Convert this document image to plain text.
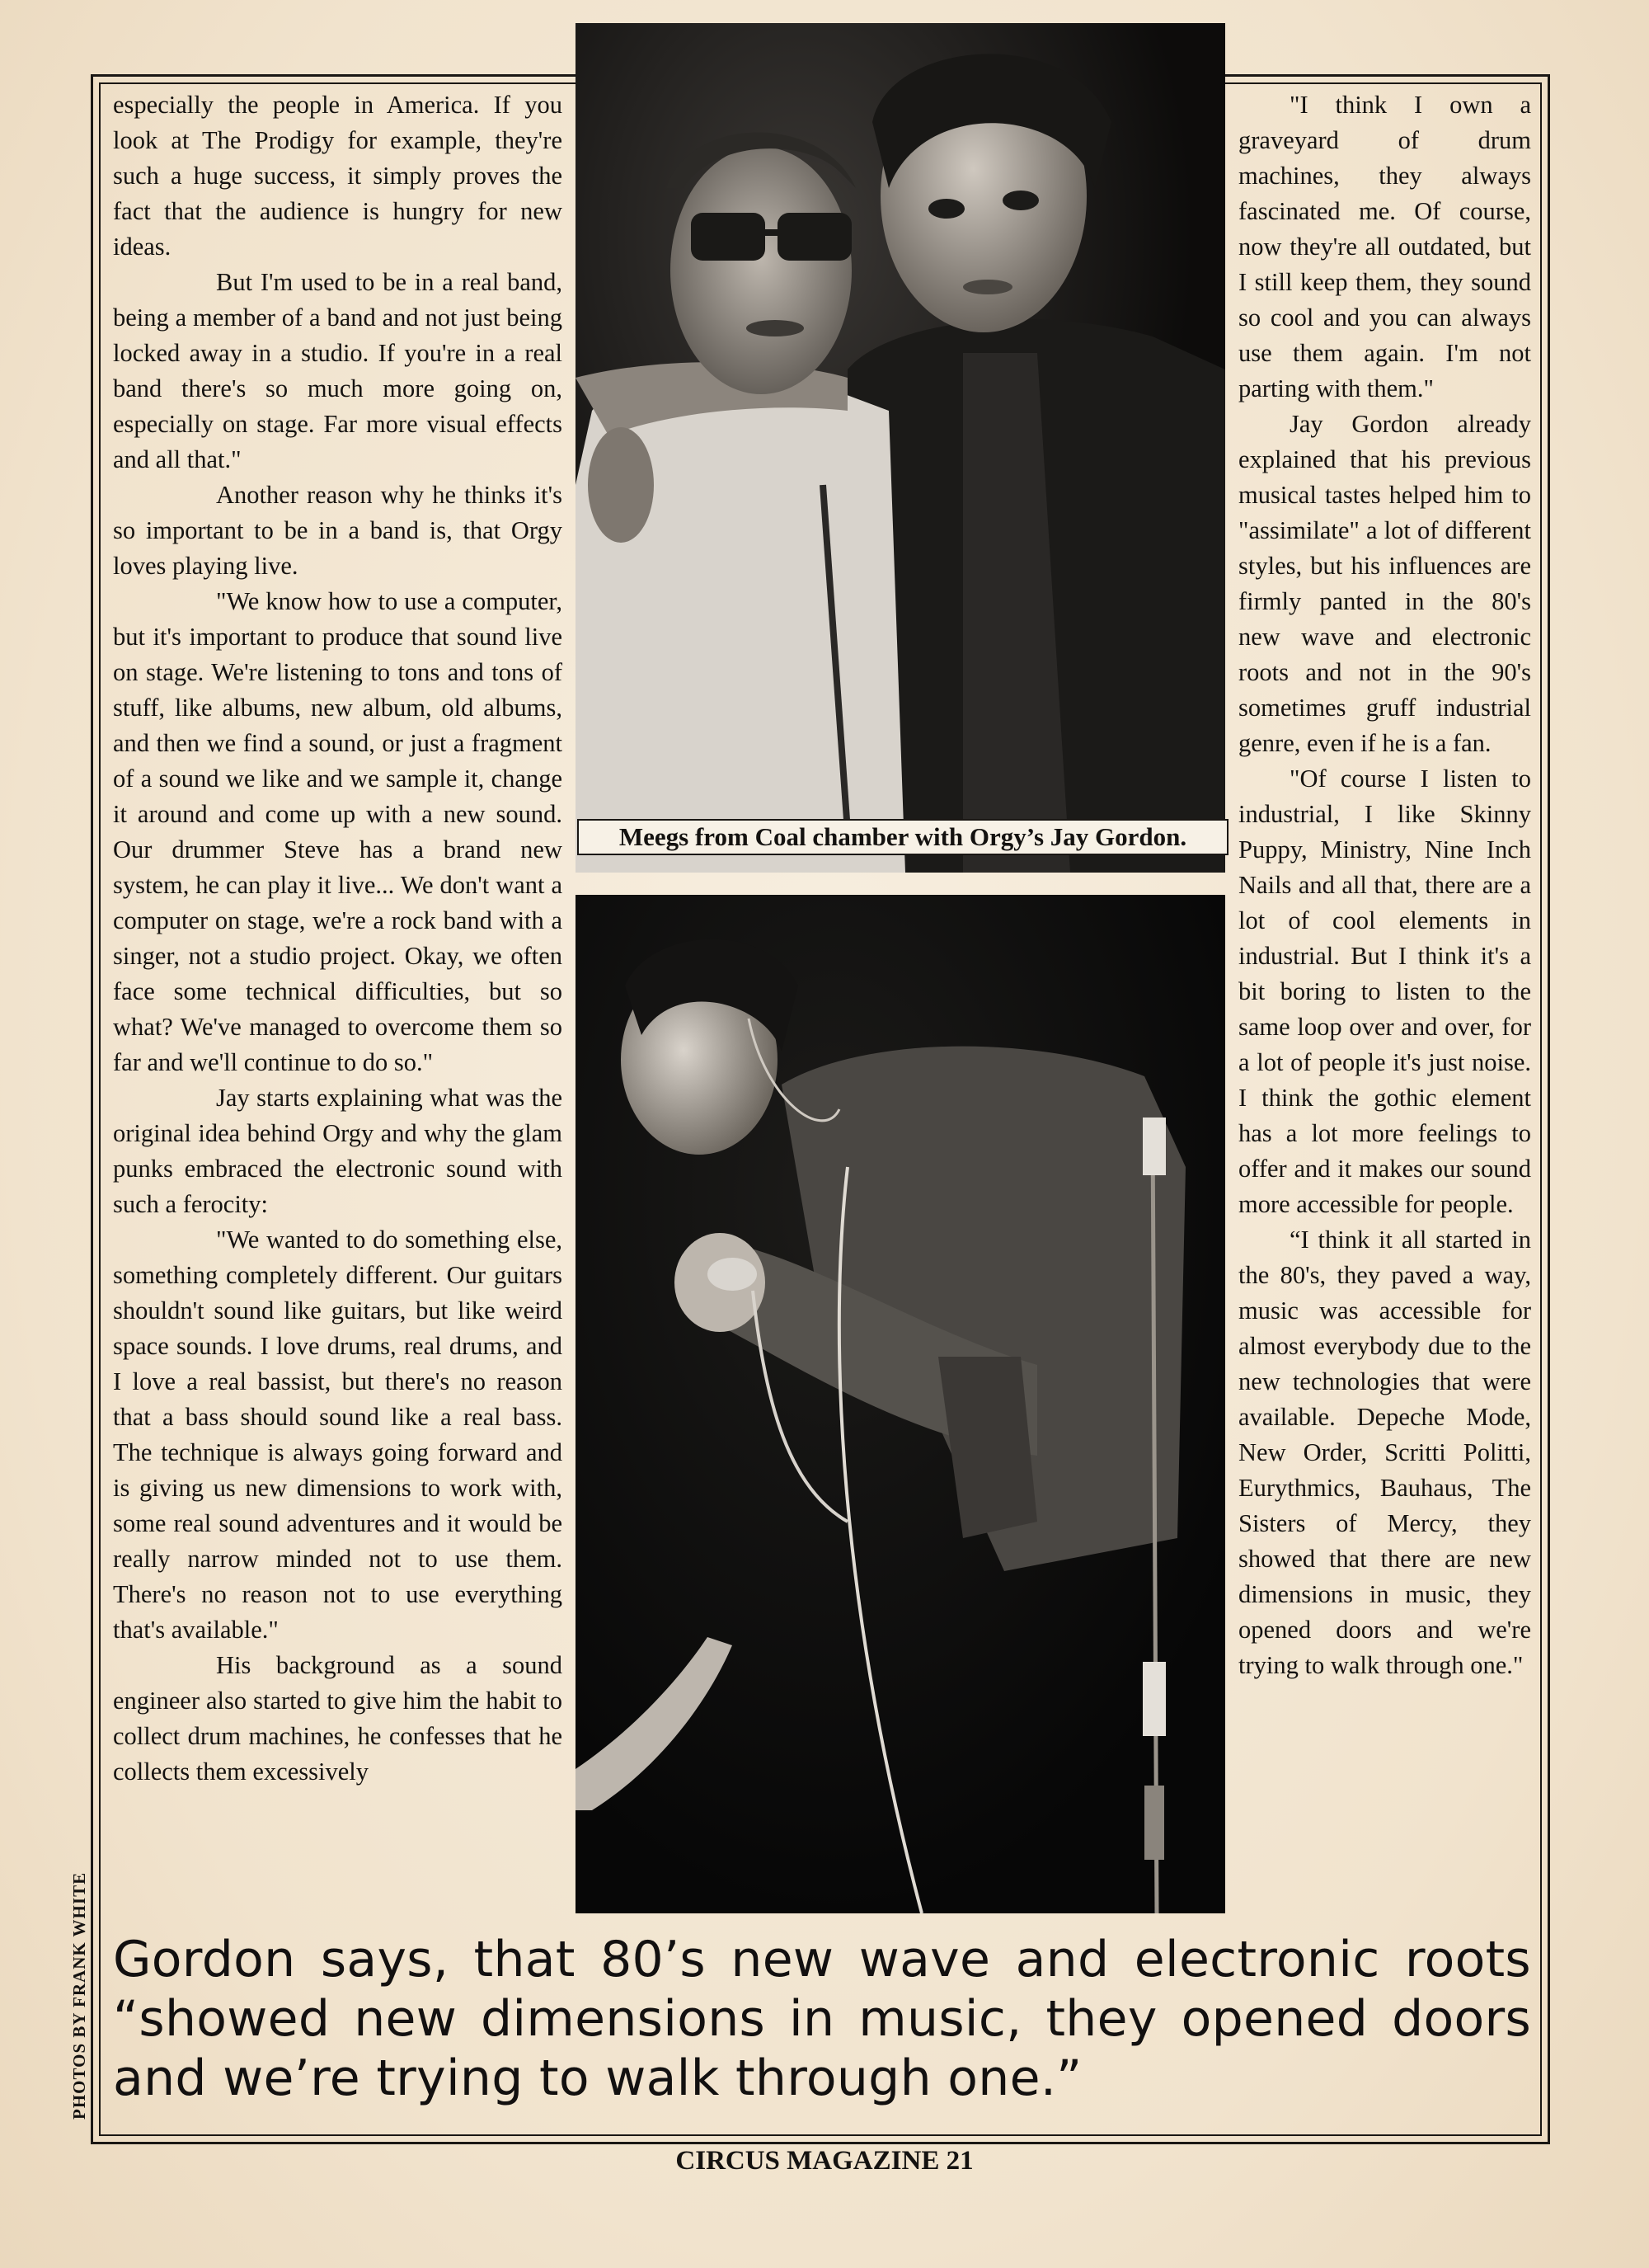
especially the people in America. If you look at The Prodigy for example, they're such a huge success, it simply proves the fact that the audience is hungry for new ideas.

But I'm used to be in a real band, being a member of a band and not just being locked away in a studio. If you're in a real band there's so much more going on, especially on stage. Far more visual effects and all that."

Another reason why he thinks it's so important to be in a band is, that Orgy loves playing live.

"We know how to use a computer, but it's important to produce that sound live on stage. We're listening to tons and tons of stuff, like albums, new album, old albums, and then we find a sound, or just a fragment of a sound we like and we sample it, change it around and come up with a new sound. Our drummer Steve has a brand new system, he can play it live... We don't want a computer on stage, we're a rock band with a singer, not a studio project. Okay, we often face some technical difficulties, but so what? We've managed to overcome them so far and we'll continue to do so."

Jay starts explaining what was the original idea behind Orgy and why the glam punks embraced the electronic sound with such a ferocity:

"We wanted to do something else, something completely different. Our guitars shouldn't sound like guitars, but like weird space sounds. I love drums, real drums, and I love a real bassist, but there's no reason that a bass should sound like a real bass. The technique is always going forward and is giving us new dimensions to work with, some real sound adventures and it would be really narrow minded not to use them. There's no reason not to use everything that's available."

His background as a sound engineer also started to give him the habit to collect drum machines, he confesses that he collects them excessively

Meegs from Coal chamber with Orgy’s Jay Gordon.

"I think I own a graveyard of drum machines, they always fascinated me. Of course, now they're all outdated, but I still keep them, they sound so cool and you can always use them again. I'm not parting with them."

Jay Gordon already explained that his previous musical tastes helped him to "assimilate" a lot of different styles, but his influences are firmly panted in the 80's new wave and electronic roots and not in the 90's sometimes gruff industrial genre, even if he is a fan.

"Of course I listen to industrial, I like Skinny Puppy, Ministry, Nine Inch Nails and all that, there are a lot of cool elements in industrial. But I think it's a bit boring to listen to the same loop over and over, for a lot of people it's just noise. I think the gothic element has a lot more feelings to offer and it makes our sound more accessible for people.

“I think it all started in the 80's, they paved a way, music was accessible for almost everybody due to the new technologies that were available. Depeche Mode, New Order, Scritti Politti, Eurythmics, Bauhaus, The Sisters of Mercy, they showed that there are new dimensions in music, they opened doors and we're trying to walk through one."

Gordon says, that 80’s new wave and electronic roots “showed new dimensions in music, they opened doors and we’re trying to walk through one.”
PHOTOS BY FRANK WHITE
CIRCUS MAGAZINE 21
